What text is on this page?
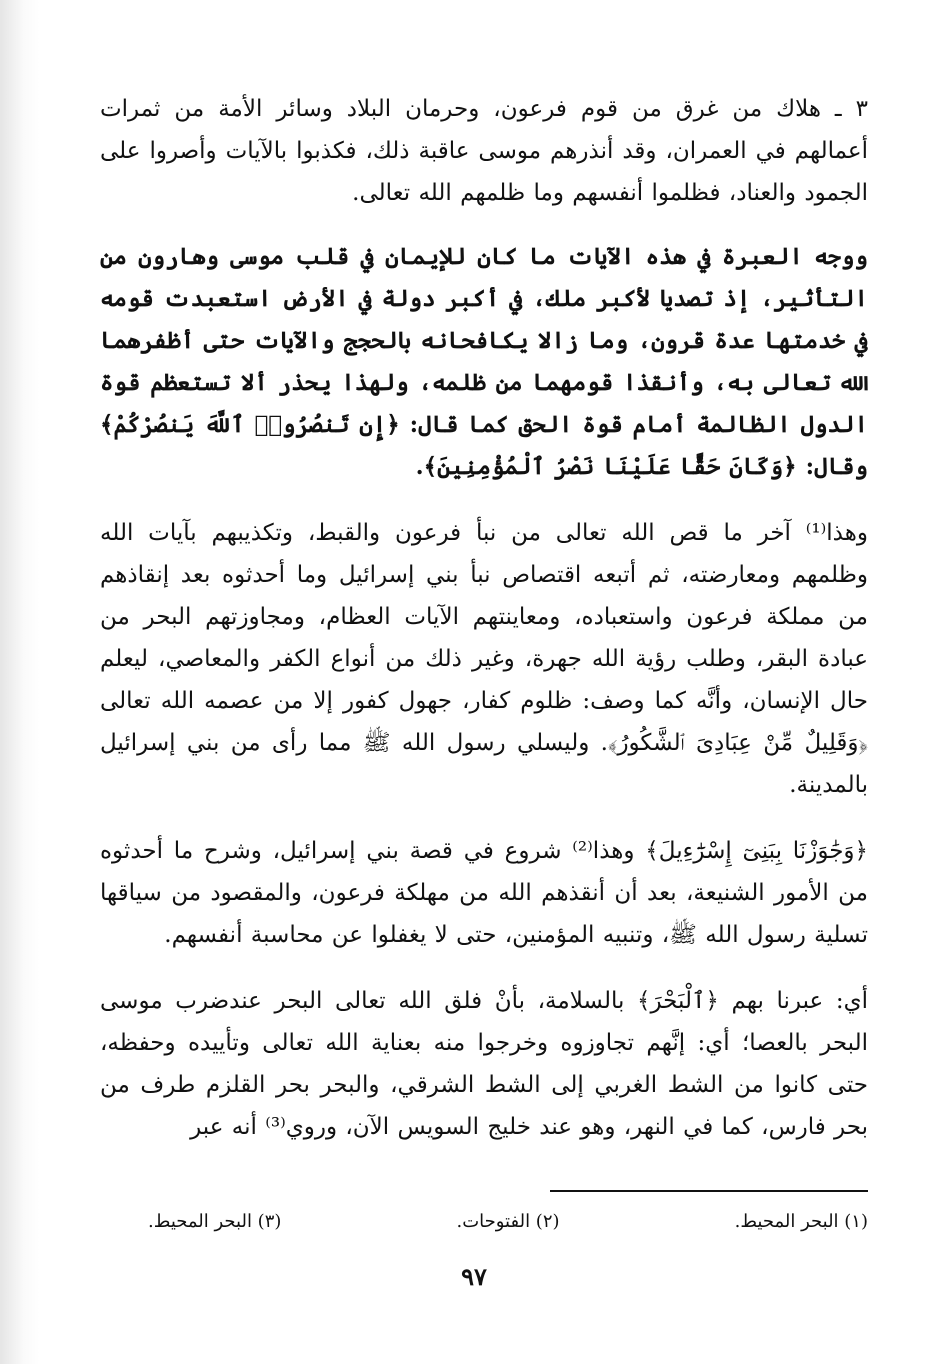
٣ ـ هلاك من غرق من قوم فرعون، وحرمان البلاد وسائر الأمة من ثمرات أعمالهم في العمران، وقد أنذرهم موسى عاقبة ذلك، فكذبوا بالآيات وأصروا على الجمود والعناد، فظلموا أنفسهم وما ظلمهم الله تعالى.

ووجه العبرة في هذه الآيات ما كان للإيمان في قلب موسى وهارون من التأثير، إذ تصديا لأكبر ملك، في أكبر دولة في الأرض استعبدت قومه في خدمتها عدة قرون، وما زالا يكافحانه بالحجج والآيات حتى أظفرهما الله تعالى به، وأنقذا قومهما من ظلمه، ولهذا يحذر ألا تستعظم قوة الدول الظالمة أمام قوة الحق كما قال: ﴿إِن تَنصُرُوا۟ ٱللَّهَ يَنصُرْكُمْ﴾ وقال: ﴿وَكَانَ حَقًّا عَلَيْنَا نَصْرُ ٱلْمُؤْمِنِينَ﴾.

وهذا⁽¹⁾ آخر ما قص الله تعالى من نبأ فرعون والقبط، وتكذيبهم بآيات الله وظلمهم ومعارضته، ثم أتبعه اقتصاص نبأ بني إسرائيل وما أحدثوه بعد إنقاذهم من مملكة فرعون واستعباده، ومعاينتهم الآيات العظام، ومجاوزتهم البحر من عبادة البقر، وطلب رؤية الله جهرة، وغير ذلك من أنواع الكفر والمعاصي، ليعلم حال الإنسان، وأنَّه كما وصف: ظلوم كفار، جهول كفور إلا من عصمه الله تعالى ﴿وَقَلِيلٌ مِّنْ عِبَادِىَ ٱلشَّكُورُ﴾. وليسلي رسول الله ﷺ مما رأى من بني إسرائيل بالمدينة.

﴿وَجَٰوَزْنَا بِبَنِىٓ إِسْرَٰٓءِيلَ﴾ وهذا⁽²⁾ شروع في قصة بني إسرائيل، وشرح ما أحدثوه من الأمور الشنيعة، بعد أن أنقذهم الله من مهلكة فرعون، والمقصود من سياقها تسلية رسول الله ﷺ، وتنبيه المؤمنين، حتى لا يغفلوا عن محاسبة أنفسهم.

أي: عبرنا بهم ﴿ٱلْبَحْرَ﴾ بالسلامة، بأنْ فلق الله تعالى البحر عندضرب موسى البحر بالعصا؛ أي: إنَّهم تجاوزوه وخرجوا منه بعناية الله تعالى وتأييده وحفظه، حتى كانوا من الشط الغربي إلى الشط الشرقي، والبحر بحر القلزم طرف من بحر فارس، كما في النهر، وهو عند خليج السويس الآن، وروي⁽³⁾ أنه عبر

(١) البحر المحيط.
(٢) الفتوحات.
(٣) البحر المحيط.
٩٧
